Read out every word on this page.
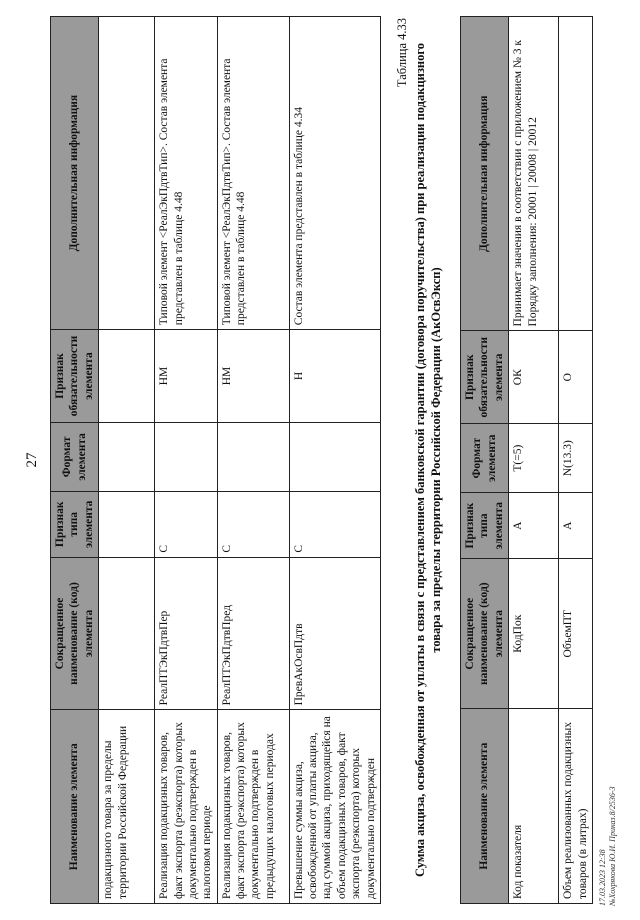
27
Наименование элемента	Сокращенное наименование (код) элемента	Признак типа элемента	Формат элемента	Признак обязательности элемента	Дополнительная информация
подакцизного товара за пределы территории Российской Федерации					
Реализация подакцизных товаров, факт экспорта (реэкспорта) которых документально подтвержден в налоговом периоде	РеалПТЭкПдтвПер	С		НМ	Типовой элемент <РеалЭкПдтвТип>. Состав элемента представлен в таблице 4.48
Реализация подакцизных товаров, факт экспорта (реэкспорта) которых документально подтвержден в предыдущих налоговых периодах	РеалПТЭкПдтвПред	С		НМ	Типовой элемент <РеалЭкПдтвТип>. Состав элемента представлен в таблице 4.48
Превышение суммы акциза, освобожденной от уплаты акциза, над суммой акциза, приходящейся на объем подакцизных товаров, факт экспорта (реэкспорта) которых документально подтвержден	ПревАкОсвПдтв	С		Н	Состав элемента представлен в таблице 4.34
Таблица 4.33 Сумма акциза, освобожденная от уплаты в связи с представлением банковской гарантии (договора поручительства) при реализации подакцизного товара за пределы территории Российской Федерации (АкОсвЭксп)
Наименование элемента	Сокращенное наименование (код) элемента	Признак типа элемента	Формат элемента	Признак обязательности элемента	Дополнительная информация
Код показателя	КодПок	А	Т(=5)	ОК	Принимает значения в соответствии с приложением № 3 к Порядку заполнения: 20001 | 20008 | 20012
Объем реализованных подакцизных товаров (в литрах)	ОбъемПТ	А	N(13.3)	О	
17.03.2023 12:38 №Хохрякова Ю.И. Приказ.8/2536-3
